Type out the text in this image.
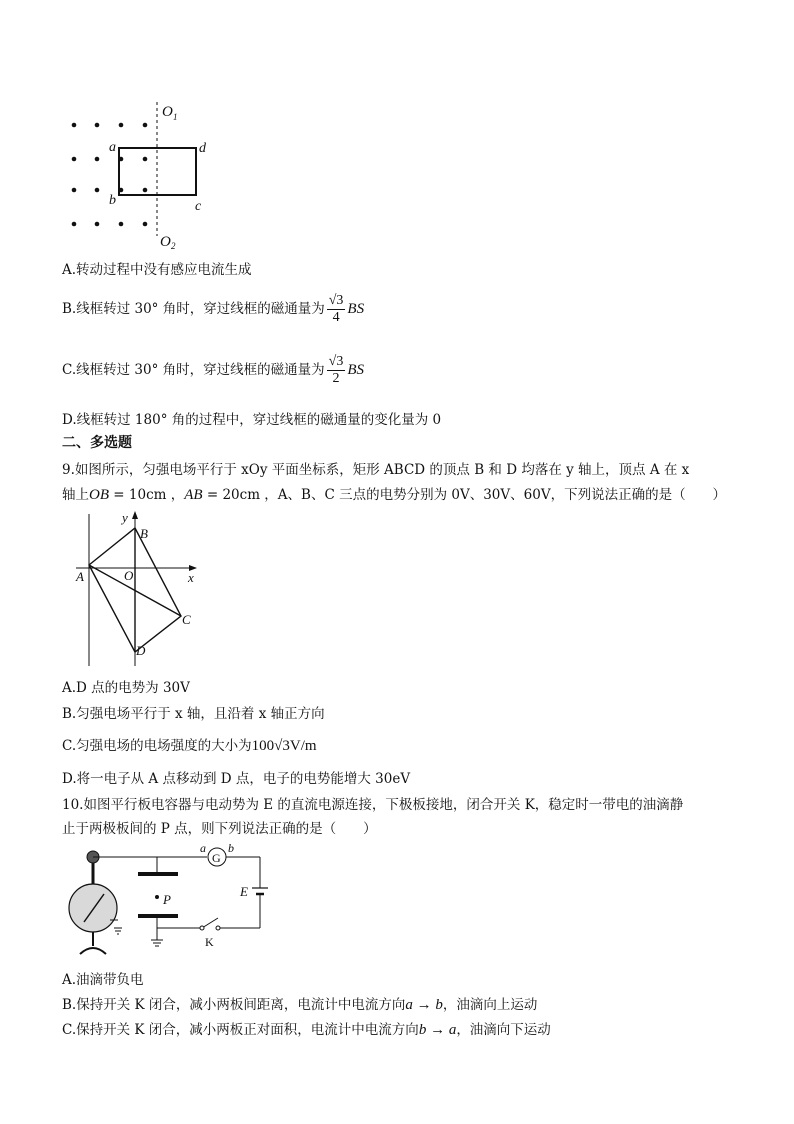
O 1
O 2
a
b
d
c
A.转动过程中没有感应电流生成
B.线框转过 30° 角时，穿过线框的磁通量为 $\frac{√3}{4}$ BS
C.线框转过 30° 角时，穿过线框的磁通量为 $\frac{√3}{2}$ BS
D.线框转过 180° 角的过程中，穿过线框的磁通量的变化量为 0
二、多选题
9.如图所示，匀强电场平行于 xOy 平面坐标系，矩形 ABCD 的顶点 B 和 D 均落在 y 轴上，顶点 A 在 x
轴上OB = 10cm ，AB = 20cm ，A、B、C 三点的电势分别为 0V、30V、60V，下列说法正确的是（　　）
y
x
A
B
O
C
D
A.D 点的电势为 30V
B.匀强电场平行于 x 轴，且沿着 x 轴正方向
C.匀强电场的电场强度的大小为100√3V/m
D.将一电子从 A 点移动到 D 点，电子的电势能增大 30eV
10.如图平行板电容器与电动势为 E 的直流电源连接，下极板接地，闭合开关 K，稳定时一带电的油滴静
止于两极板间的 P 点，则下列说法正确的是（　　）
P
G
a b
E
K
A.油滴带负电
B.保持开关 K 闭合，减小两板间距离，电流计中电流方向a → b，油滴向上运动
C.保持开关 K 闭合，减小两板正对面积，电流计中电流方向b → a，油滴向下运动
